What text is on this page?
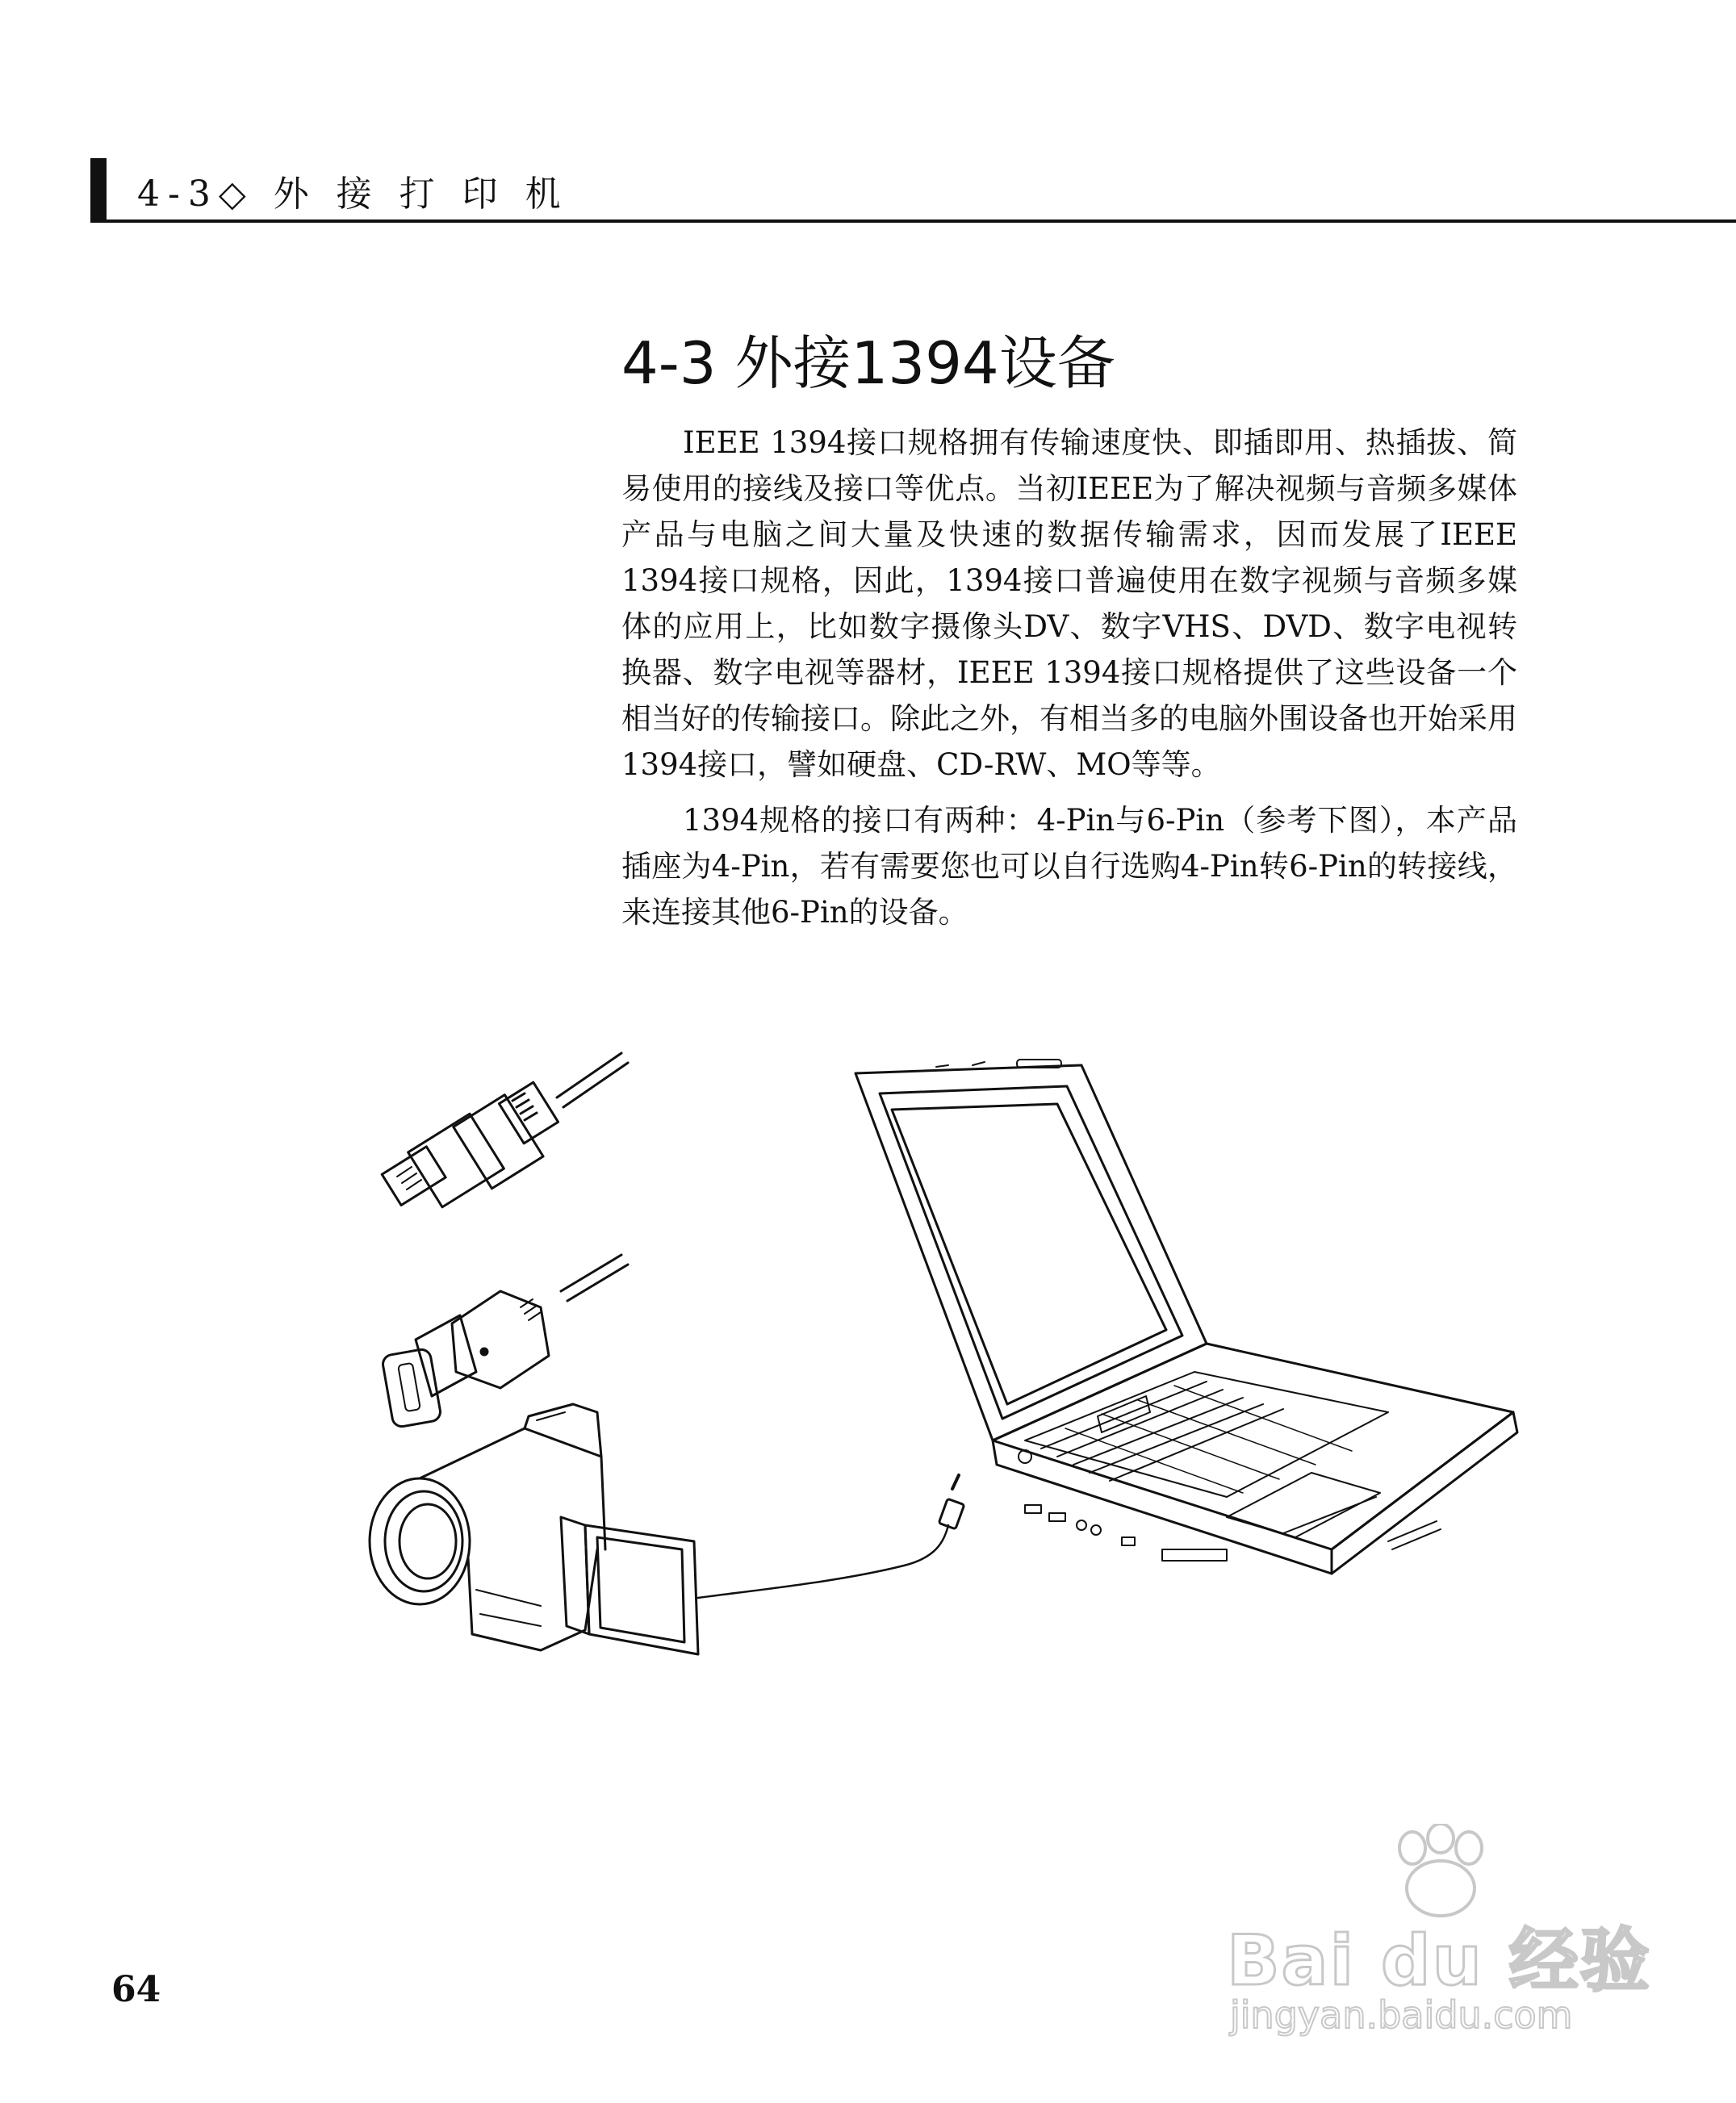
4-3◇ 外 接 打 印 机
4-3 外接1394设备

IEEE 1394接口规格拥有传输速度快、即插即用、热插拔、简易使用的接线及接口等优点。当初IEEE为了解决视频与音频多媒体产品与电脑之间大量及快速的数据传输需求，因而发展了IEEE 1394接口规格，因此，1394接口普遍使用在数字视频与音频多媒体的应用上，比如数字摄像头DV、数字VHS、DVD、数字电视转换器、数字电视等器材，IEEE 1394接口规格提供了这些设备一个相当好的传输接口。除此之外，有相当多的电脑外围设备也开始采用1394接口，譬如硬盘、CD-RW、MO等等。

1394规格的接口有两种：4-Pin与6-Pin（参考下图），本产品插座为4-Pin，若有需要您也可以自行选购4-Pin转6-Pin的转接线，来连接其他6-Pin的设备。

64	Bai du 经验
jingyan.baidu.com
